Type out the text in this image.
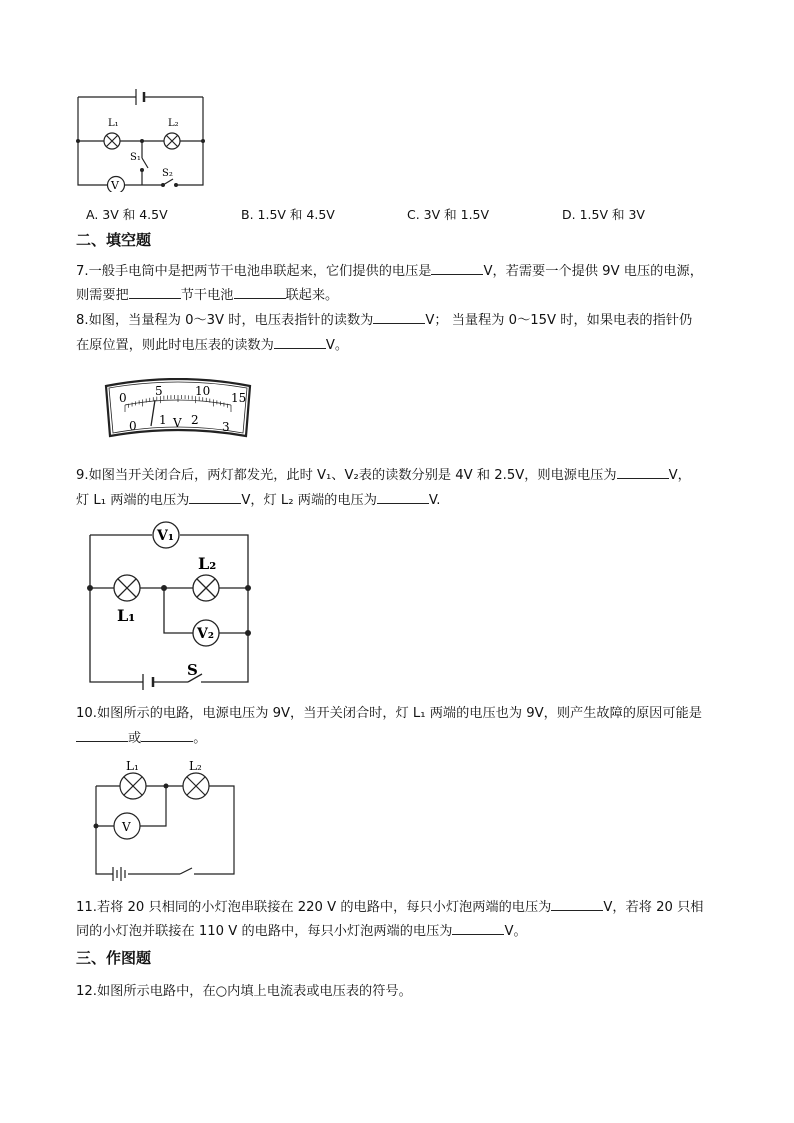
L₁	L₂
S₁
S₂
V
A. 3V 和 4.5V	B. 1.5V 和 4.5V	C. 3V 和 1.5V	D. 1.5V 和 3V
二、填空题
7.一般手电筒中是把两节干电池串联起来，它们提供的电压是	V，若需要一个提供 9V 电压的电源，
则需要把	节干电池	联起来。
8.如图，当量程为 0～3V 时，电压表指针的读数为	V； 当量程为 0～15V 时，如果电表的指针仍
在原位置，则此时电压表的读数为	V。
0 5	10 15
0 1 2 3
V
9.如图当开关闭合后，两灯都发光，此时 V₁、V₂表的读数分别是 4V 和 2.5V，则电源电压为	V，
灯 L₁ 两端的电压为	V，灯 L₂ 两端的电压为	V.
V₁
V₂
L₁
L₂
S
10.如图所示的电路，电源电压为 9V，当开关闭合时，灯 L₁ 两端的电压也为 9V，则产生故障的原因可能是
或	。
L₁	L₂
V
11.若将 20 只相同的小灯泡串联接在 220 V 的电路中，每只小灯泡两端的电压为	V，若将 20 只相
同的小灯泡并联接在 110 V 的电路中，每只小灯泡两端的电压为	V。
三、作图题
12.如图所示电路中，在○内填上电流表或电压表的符号。
